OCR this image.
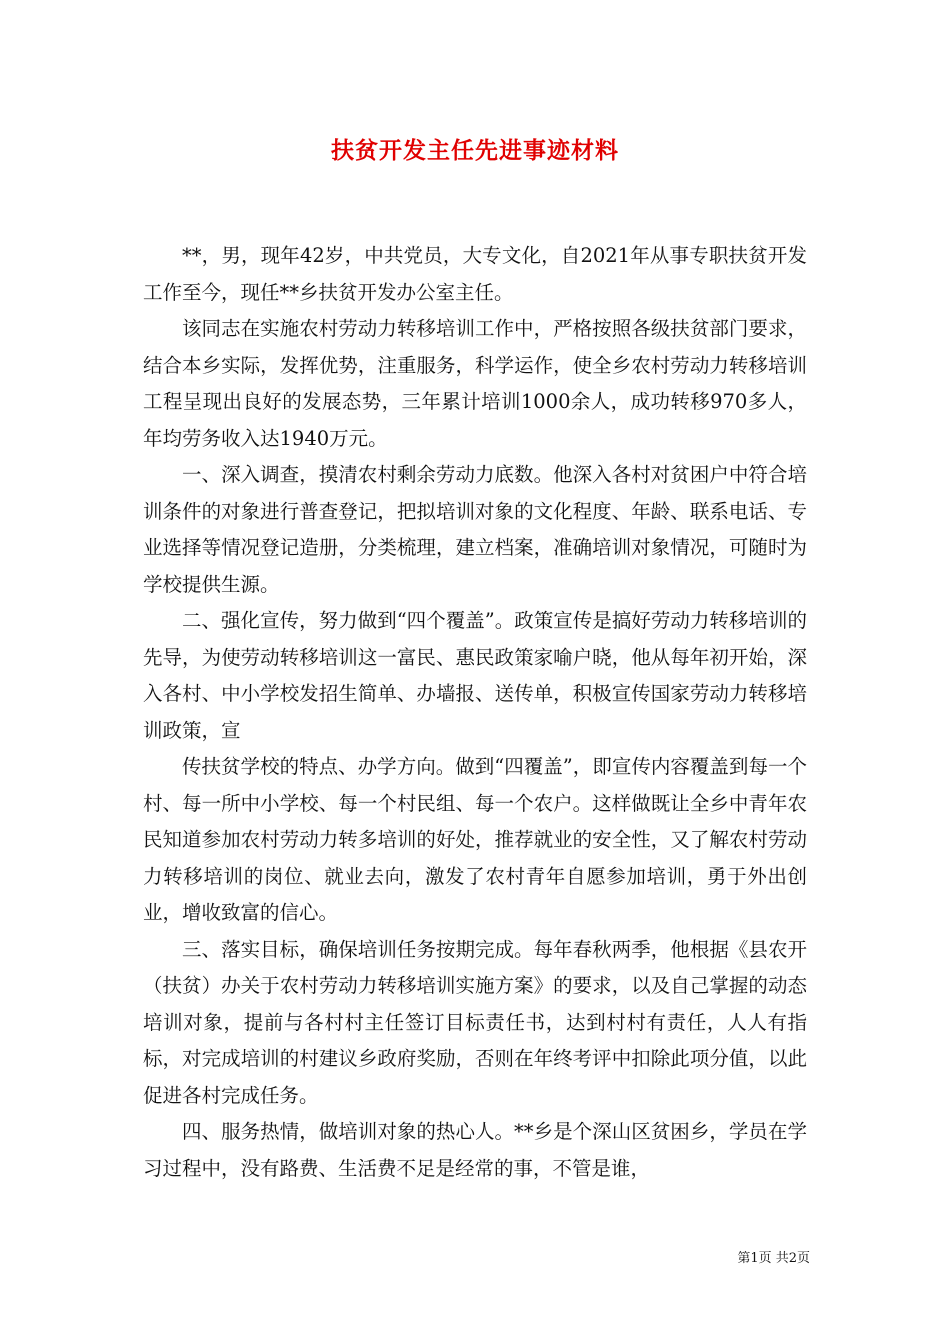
扶贫开发主任先进事迹材料

**，男，现年42岁，中共党员，大专文化，自2021年从事专职扶贫开发工作至今，现任**乡扶贫开发办公室主任。

该同志在实施农村劳动力转移培训工作中，严格按照各级扶贫部门要求，结合本乡实际，发挥优势，注重服务，科学运作，使全乡农村劳动力转移培训工程呈现出良好的发展态势，三年累计培训1000余人，成功转移970多人，年均劳务收入达1940万元。

一、深入调查，摸清农村剩余劳动力底数。他深入各村对贫困户中符合培训条件的对象进行普查登记，把拟培训对象的文化程度、年龄、联系电话、专业选择等情况登记造册，分类梳理，建立档案，准确培训对象情况，可随时为学校提供生源。

二、强化宣传，努力做到“四个覆盖”。政策宣传是搞好劳动力转移培训的先导，为使劳动转移培训这一富民、惠民政策家喻户晓，他从每年初开始，深入各村、中小学校发招生简单、办墙报、送传单，积极宣传国家劳动力转移培训政策，宣

传扶贫学校的特点、办学方向。做到“四覆盖”，即宣传内容覆盖到每一个村、每一所中小学校、每一个村民组、每一个农户。这样做既让全乡中青年农民知道参加农村劳动力转多培训的好处，推荐就业的安全性，又了解农村劳动力转移培训的岗位、就业去向，激发了农村青年自愿参加培训，勇于外出创业，增收致富的信心。

三、落实目标，确保培训任务按期完成。每年春秋两季，他根据《县农开（扶贫）办关于农村劳动力转移培训实施方案》的要求，以及自己掌握的动态培训对象，提前与各村村主任签订目标责任书，达到村村有责任，人人有指标，对完成培训的村建议乡政府奖励，否则在年终考评中扣除此项分值，以此促进各村完成任务。

四、服务热情，做培训对象的热心人。**乡是个深山区贫困乡，学员在学习过程中，没有路费、生活费不足是经常的事，不管是谁，

第1页 共2页
